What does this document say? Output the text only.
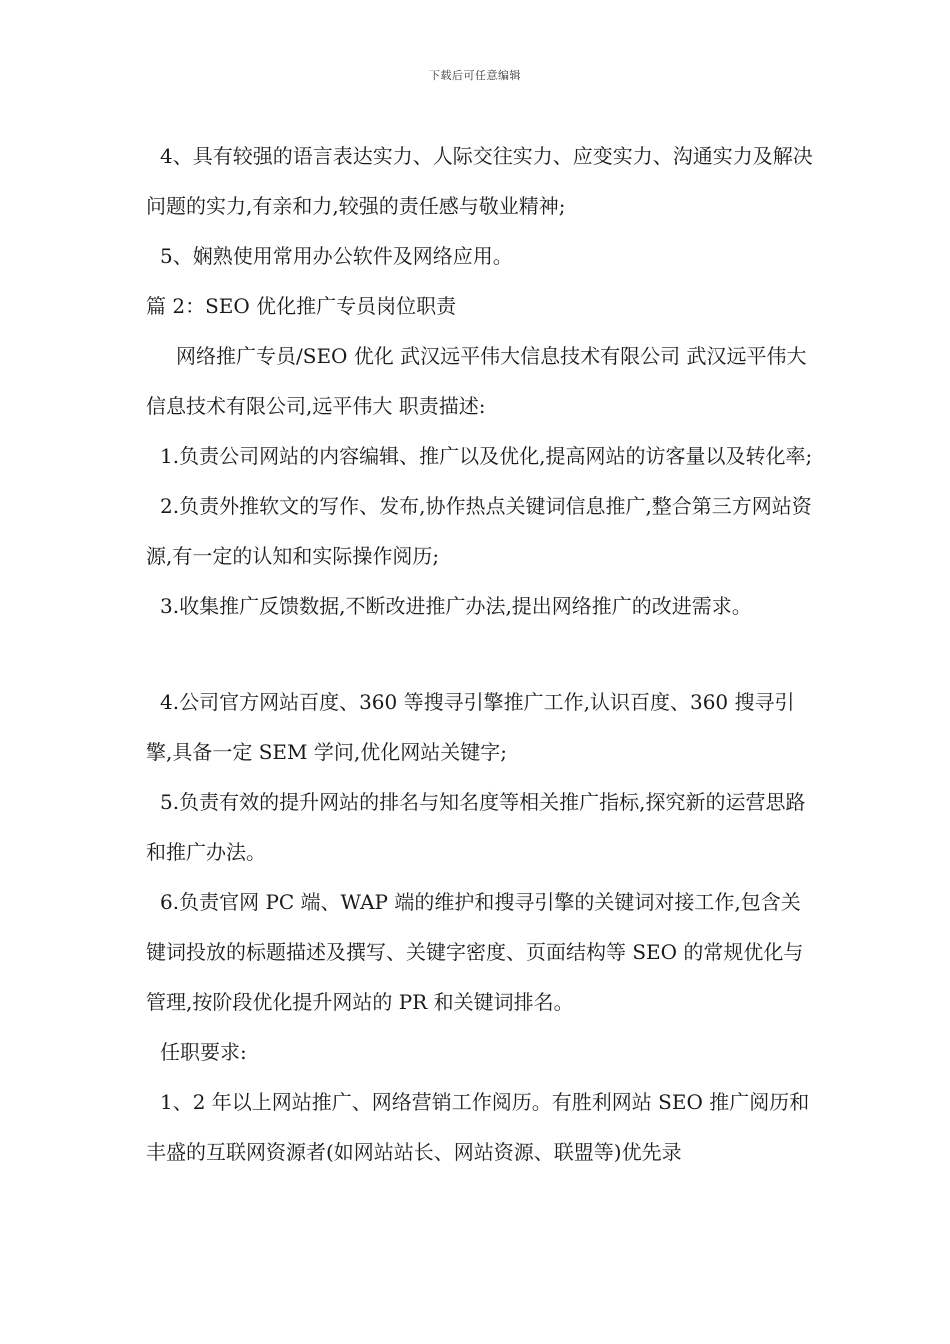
下载后可任意编辑

4、具有较强的语言表达实力、人际交往实力、应变实力、沟通实力及解决问题的实力,有亲和力,较强的责任感与敬业精神;

5、娴熟使用常用办公软件及网络应用。

篇 2：SEO 优化推广专员岗位职责

网络推广专员/SEO 优化 武汉远平伟大信息技术有限公司 武汉远平伟大信息技术有限公司,远平伟大 职责描述:

1.负责公司网站的内容编辑、推广以及优化,提高网站的访客量以及转化率;

2.负责外推软文的写作、发布,协作热点关键词信息推广,整合第三方网站资源,有一定的认知和实际操作阅历;

3.收集推广反馈数据,不断改进推广办法,提出网络推广的改进需求。

4.公司官方网站百度、360 等搜寻引擎推广工作,认识百度、360 搜寻引擎,具备一定 SEM 学问,优化网站关键字;

5.负责有效的提升网站的排名与知名度等相关推广指标,探究新的运营思路和推广办法。

6.负责官网 PC 端、WAP 端的维护和搜寻引擎的关键词对接工作,包含关键词投放的标题描述及撰写、关键字密度、页面结构等 SEO 的常规优化与管理,按阶段优化提升网站的 PR 和关键词排名。

任职要求:

1、2 年以上网站推广、网络营销工作阅历。有胜利网站 SEO 推广阅历和丰盛的互联网资源者(如网站站长、网站资源、联盟等)优先录
